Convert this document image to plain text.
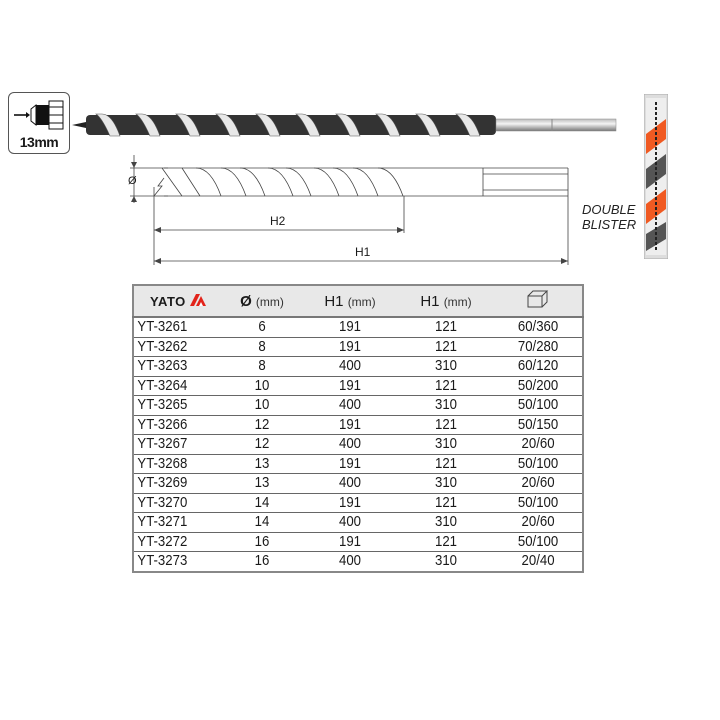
13mm
Ø
H2
H1
DOUBLE
BLISTER
YATO	Ø (mm)	H1 (mm)	H1 (mm)	
YT-3261	6	191	121	60/360
YT-3262	8	191	121	70/280
YT-3263	8	400	310	60/120
YT-3264	10	191	121	50/200
YT-3265	10	400	310	50/100
YT-3266	12	191	121	50/150
YT-3267	12	400	310	20/60
YT-3268	13	191	121	50/100
YT-3269	13	400	310	20/60
YT-3270	14	191	121	50/100
YT-3271	14	400	310	20/60
YT-3272	16	191	121	50/100
YT-3273	16	400	310	20/40
